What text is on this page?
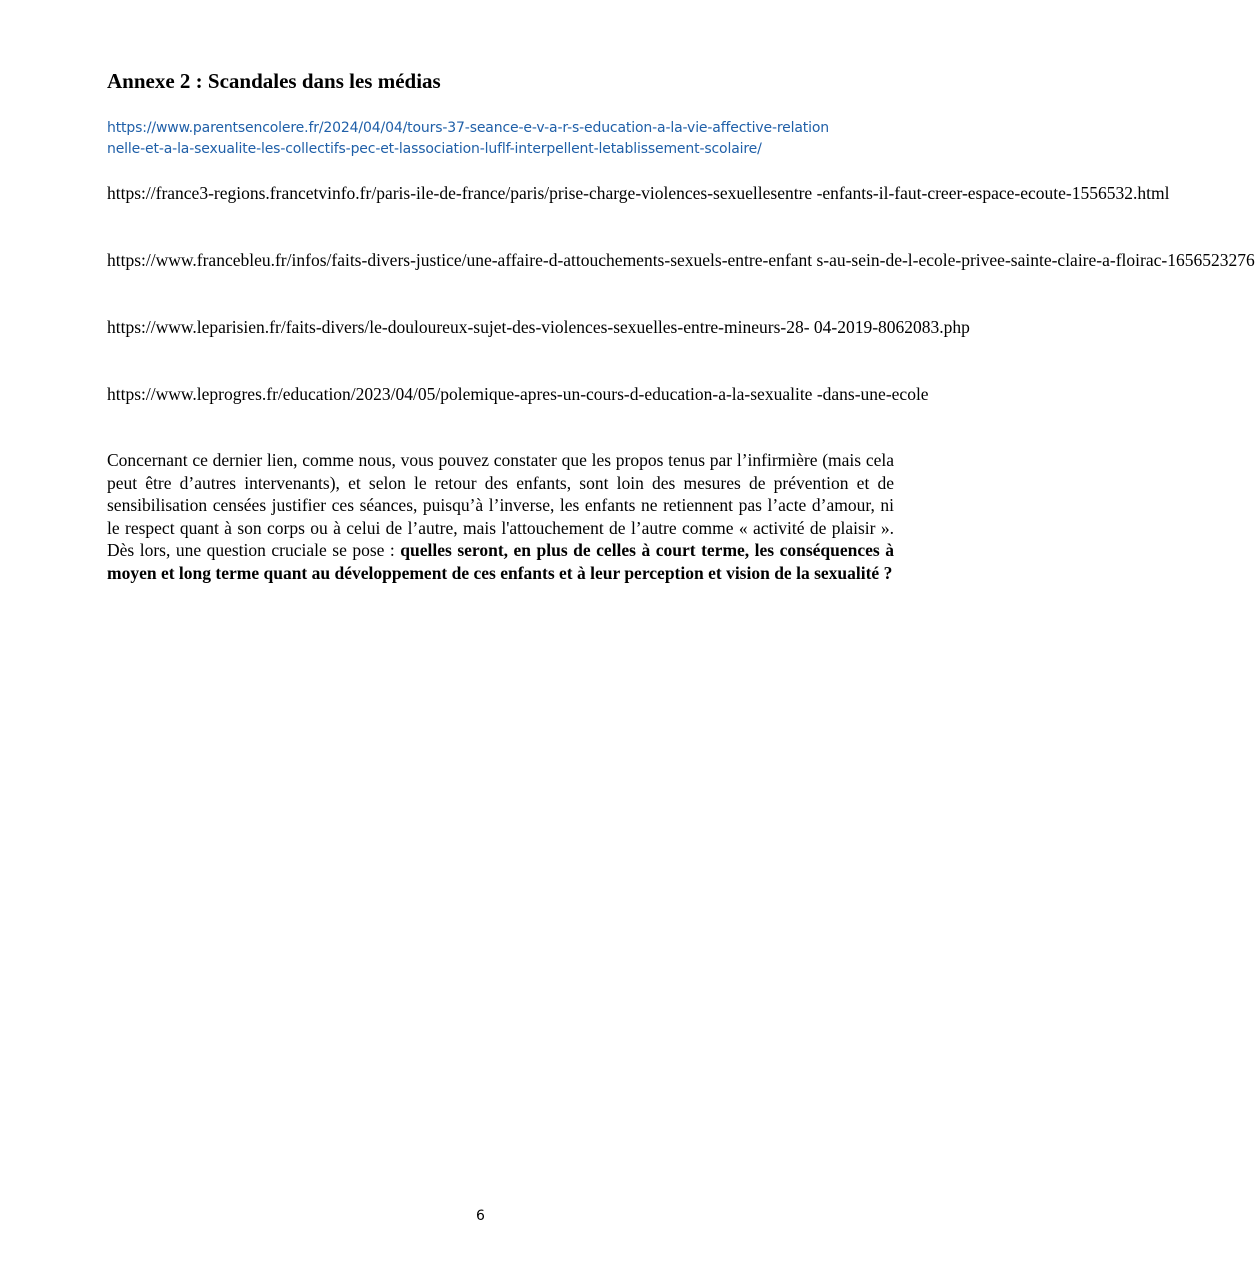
Annexe 2 : Scandales dans les médias

https://www.parentsencolere.fr/2024/04/04/tours-37-seance-e-v-a-r-s-education-a-la-vie-affective-relation
nelle-et-a-la-sexualite-les-collectifs-pec-et-lassociation-luflf-interpellent-letablissement-scolaire/

https://france3-regions.francetvinfo.fr/paris-ile-de-france/paris/prise-charge-violences-sexuellesentre -enfants-il-faut-creer-espace-ecoute-1556532.html

https://www.francebleu.fr/infos/faits-divers-justice/une-affaire-d-attouchements-sexuels-entre-enfant s-au-sein-de-l-ecole-privee-sainte-claire-a-floirac-1656523276

https://www.leparisien.fr/faits-divers/le-douloureux-sujet-des-violences-sexuelles-entre-mineurs-28- 04-2019-8062083.php

https://www.leprogres.fr/education/2023/04/05/polemique-apres-un-cours-d-education-a-la-sexualite -dans-une-ecole

Concernant ce dernier lien, comme nous, vous pouvez constater que les propos tenus par l’infirmière (mais cela peut être d’autres intervenants), et selon le retour des enfants, sont loin des mesures de prévention et de sensibilisation censées justifier ces séances, puisqu’à l’inverse, les enfants ne retiennent pas l’acte d’amour, ni le respect quant à son corps ou à celui de l’autre, mais l'attouchement de l’autre comme « activité de plaisir ». Dès lors, une question cruciale se pose : quelles seront, en plus de celles à court terme, les conséquences à moyen et long terme quant au développement de ces enfants et à leur perception et vision de la sexualité ?

6
